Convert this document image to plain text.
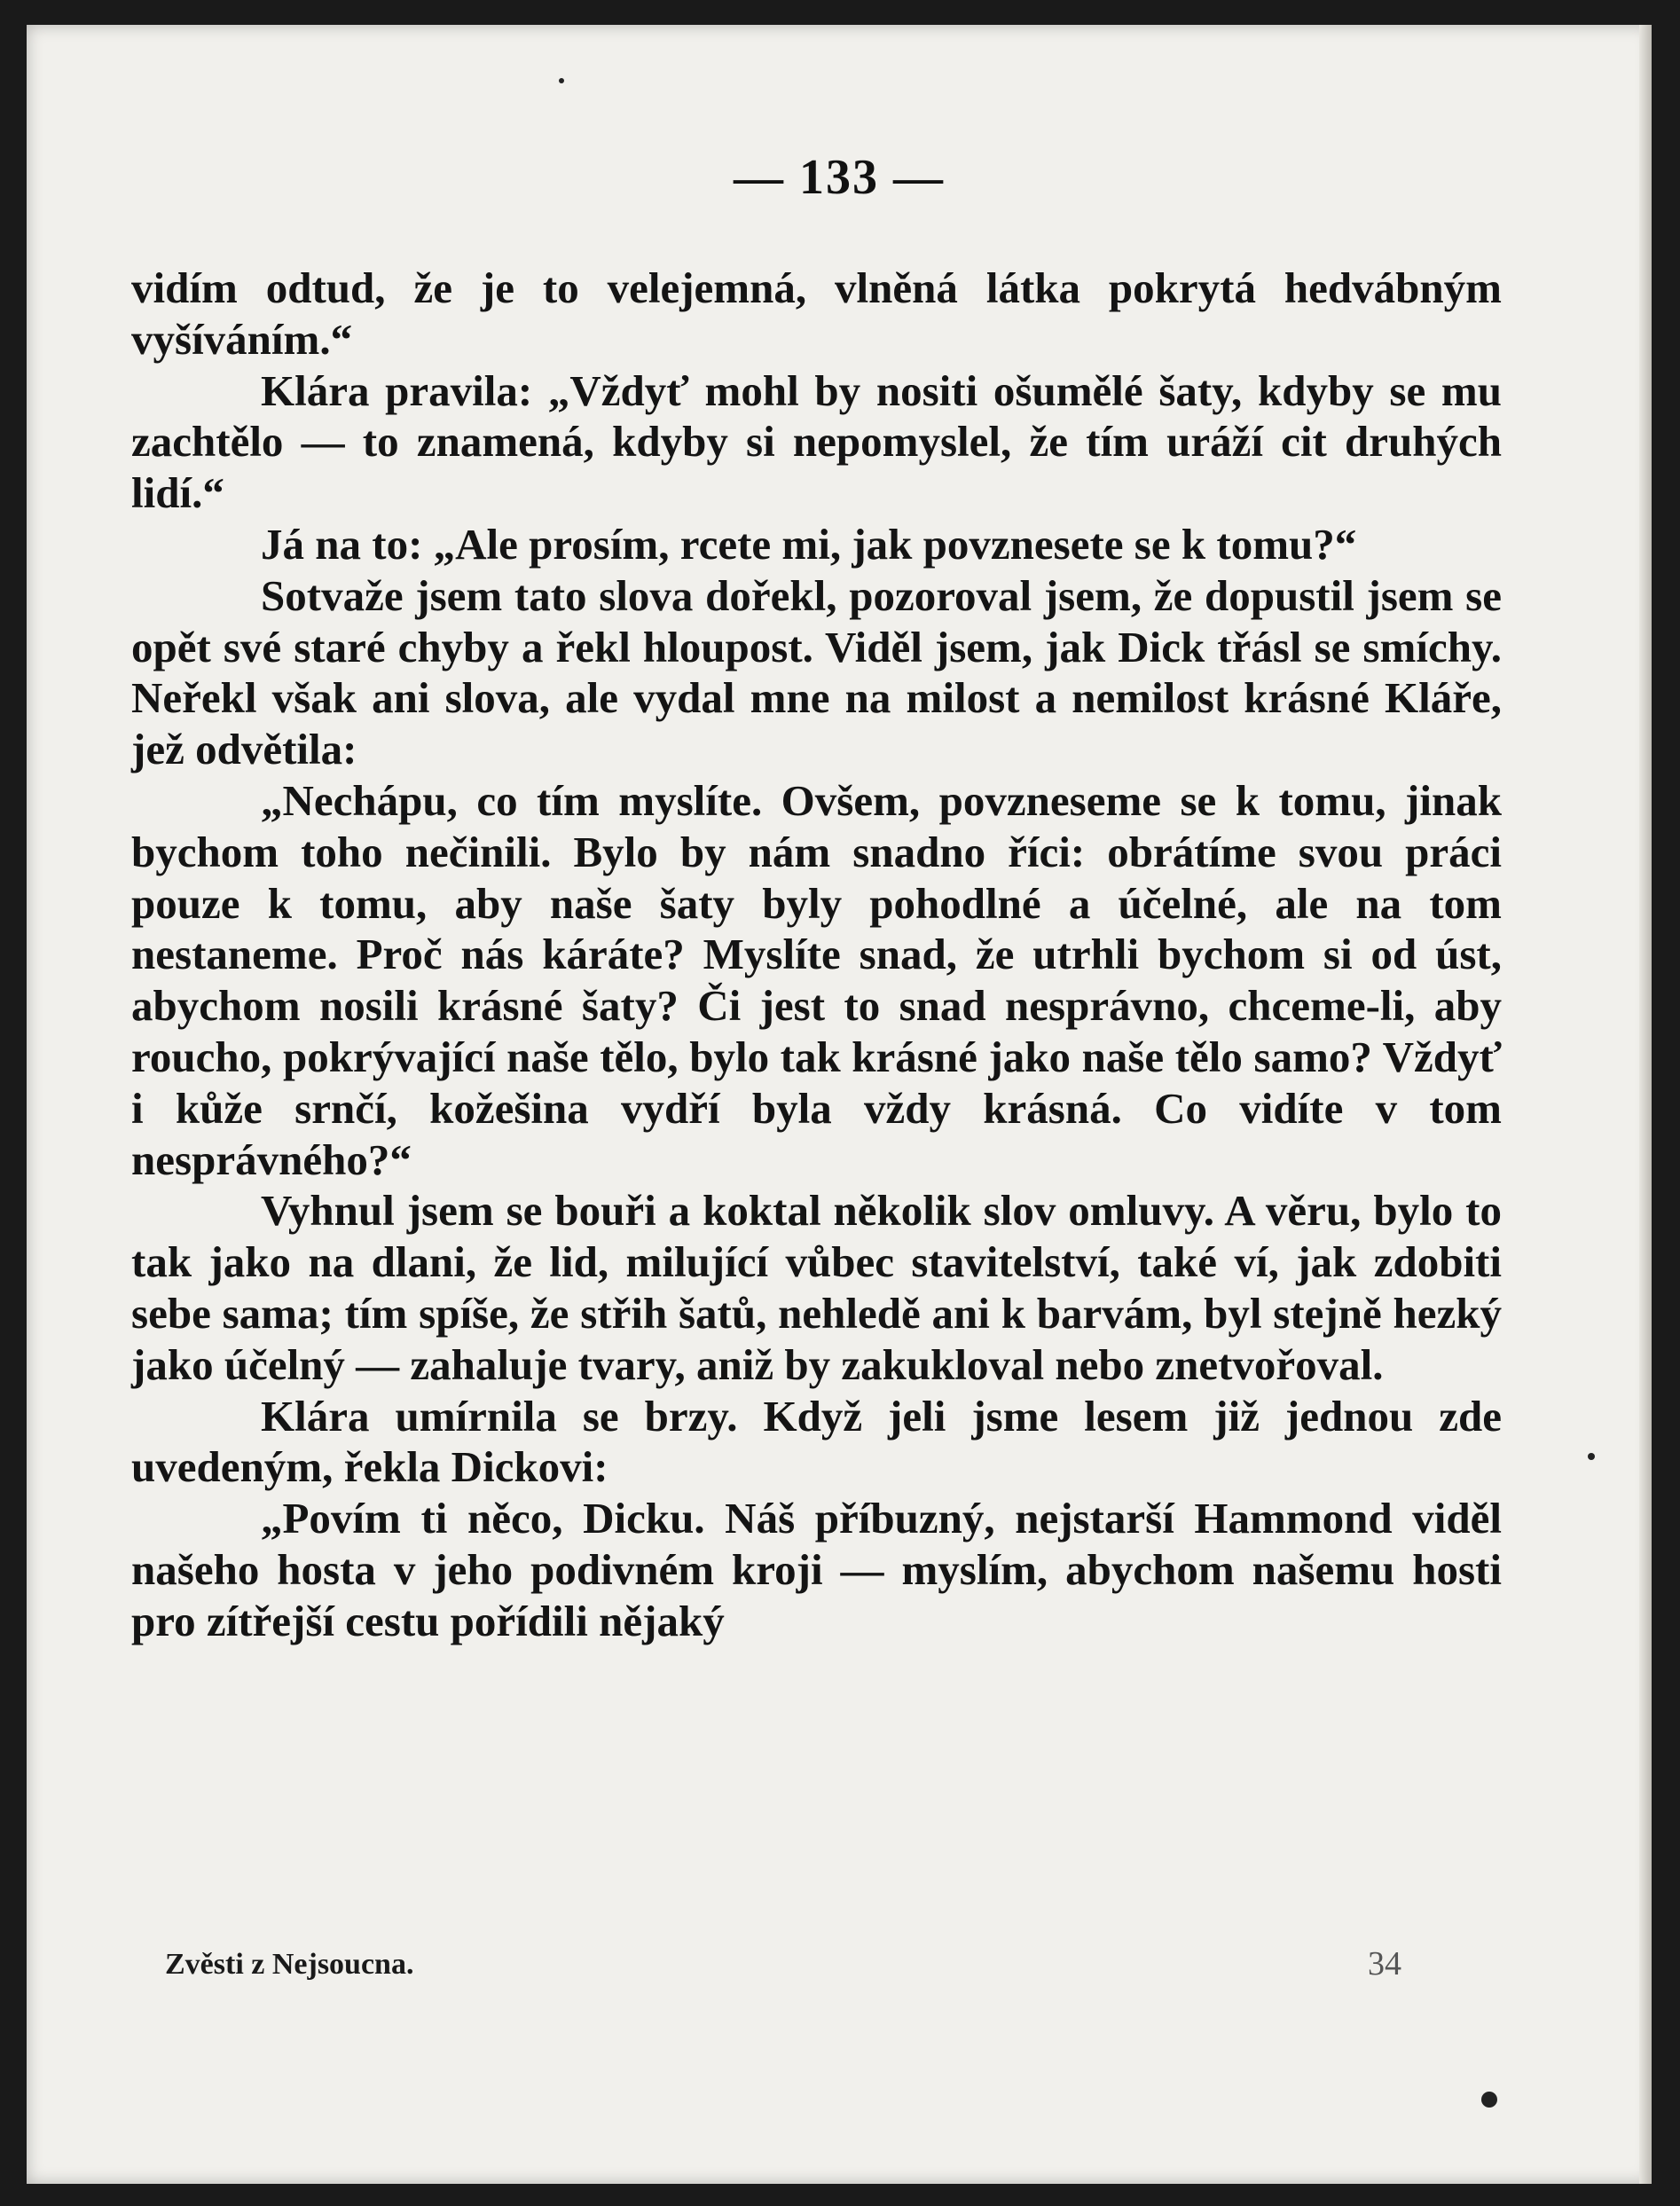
— 133 —

vidím odtud, že je to velejemná, vlněná látka pokrytá hedvábným vyšíváním.“

Klára pravila: „Vždyť mohl by nositi ošumělé šaty, kdyby se mu zachtělo — to znamená, kdyby si nepomyslel, že tím uráží cit druhých lidí.“

Já na to: „Ale prosím, rcete mi, jak povznesete se k tomu?“

Sotvaže jsem tato slova dořekl, pozoroval jsem, že dopustil jsem se opět své staré chyby a řekl hloupost. Viděl jsem, jak Dick třásl se smíchy. Neřekl však ani slova, ale vydal mne na milost a nemilost krásné Kláře, jež odvětila:

„Nechápu, co tím myslíte. Ovšem, povzneseme se k tomu, jinak bychom toho nečinili. Bylo by nám snadno říci: obrátíme svou práci pouze k tomu, aby naše šaty byly pohodlné a účelné, ale na tom nestaneme. Proč nás káráte? Myslíte snad, že utrhli bychom si od úst, abychom nosili krásné šaty? Či jest to snad nesprávno, chceme-li, aby roucho, pokrývající naše tělo, bylo tak krásné jako naše tělo samo? Vždyť i kůže srnčí, kožešina vydří byla vždy krásná. Co vidíte v tom nesprávného?“

Vyhnul jsem se bouři a koktal několik slov omluvy. A věru, bylo to tak jako na dlani, že lid, milující vůbec stavitelství, také ví, jak zdobiti sebe sama; tím spíše, že střih šatů, nehledě ani k barvám, byl stejně hezký jako účelný — zahaluje tvary, aniž by zakukloval nebo znetvořoval.

Klára umírnila se brzy. Když jeli jsme lesem již jednou zde uvedeným, řekla Dickovi:

„Povím ti něco, Dicku. Náš příbuzný, nejstarší Hammond viděl našeho hosta v jeho podivném kroji — myslím, abychom našemu hosti pro zítřejší cestu pořídili nějaký

Zvěsti z Nejsoucna.	34
